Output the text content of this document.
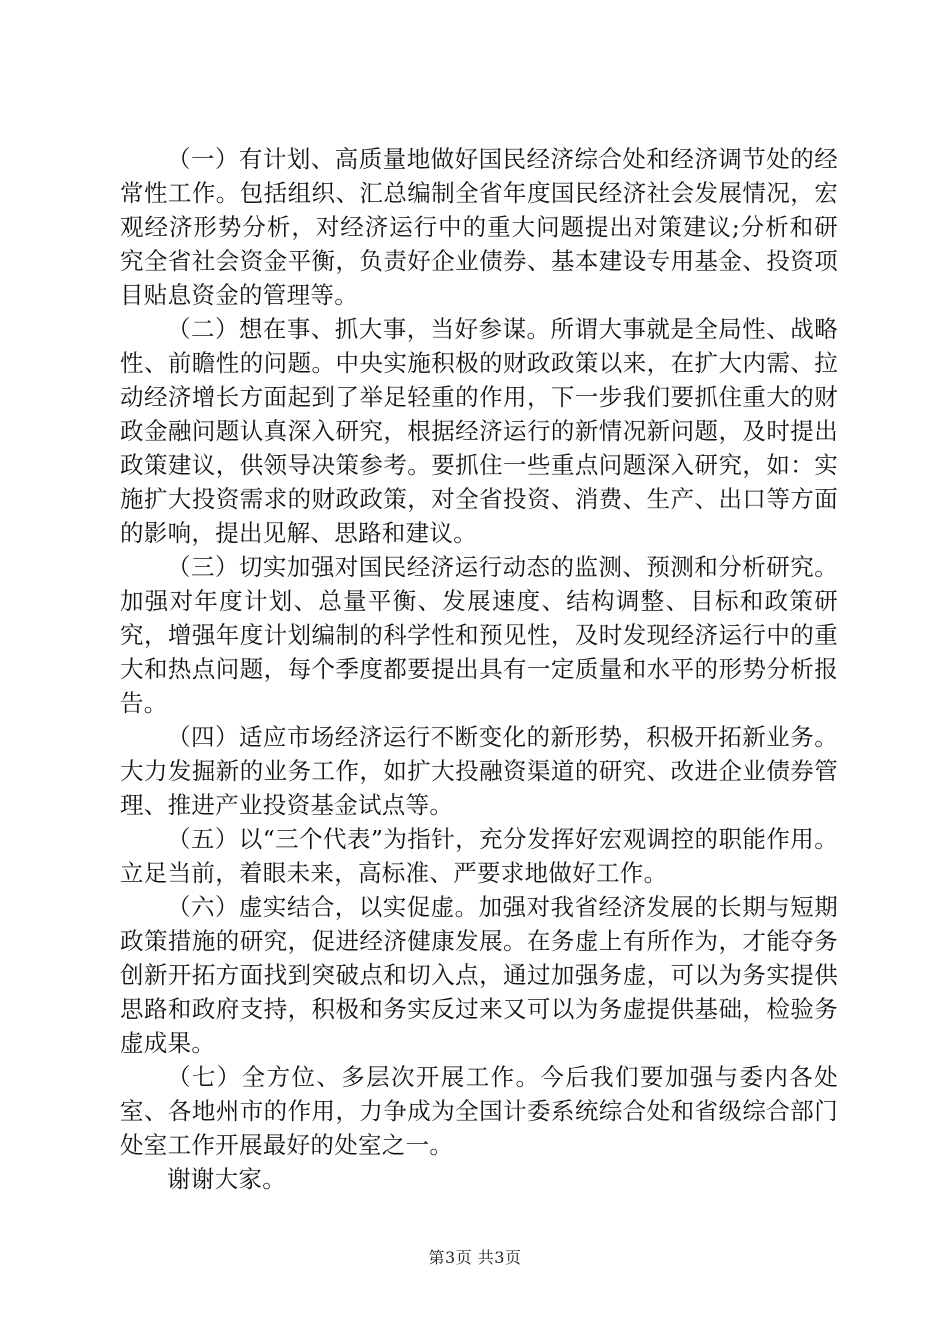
（一）有计划、高质量地做好国民经济综合处和经济调节处的经常性工作。包括组织、汇总编制全省年度国民经济社会发展情况，宏观经济形势分析，对经济运行中的重大问题提出对策建议;分析和研究全省社会资金平衡，负责好企业债券、基本建设专用基金、投资项目贴息资金的管理等。

（二）想在事、抓大事，当好参谋。所谓大事就是全局性、战略性、前瞻性的问题。中央实施积极的财政政策以来，在扩大内需、拉动经济增长方面起到了举足轻重的作用，下一步我们要抓住重大的财政金融问题认真深入研究，根据经济运行的新情况新问题，及时提出政策建议，供领导决策参考。要抓住一些重点问题深入研究，如：实施扩大投资需求的财政政策，对全省投资、消费、生产、出口等方面的影响，提出见解、思路和建议。

（三）切实加强对国民经济运行动态的监测、预测和分析研究。加强对年度计划、总量平衡、发展速度、结构调整、目标和政策研究，增强年度计划编制的科学性和预见性，及时发现经济运行中的重大和热点问题，每个季度都要提出具有一定质量和水平的形势分析报告。

（四）适应市场经济运行不断变化的新形势，积极开拓新业务。大力发掘新的业务工作，如扩大投融资渠道的研究、改进企业债券管理、推进产业投资基金试点等。

（五）以“三个代表”为指针，充分发挥好宏观调控的职能作用。立足当前，着眼未来，高标准、严要求地做好工作。

（六）虚实结合，以实促虚。加强对我省经济发展的长期与短期政策措施的研究，促进经济健康发展。在务虚上有所作为，才能夺务创新开拓方面找到突破点和切入点，通过加强务虚，可以为务实提供思路和政府支持，积极和务实反过来又可以为务虚提供基础，检验务虚成果。

（七）全方位、多层次开展工作。今后我们要加强与委内各处室、各地州市的作用，力争成为全国计委系统综合处和省级综合部门处室工作开展最好的处室之一。

谢谢大家。

第3页 共3页
